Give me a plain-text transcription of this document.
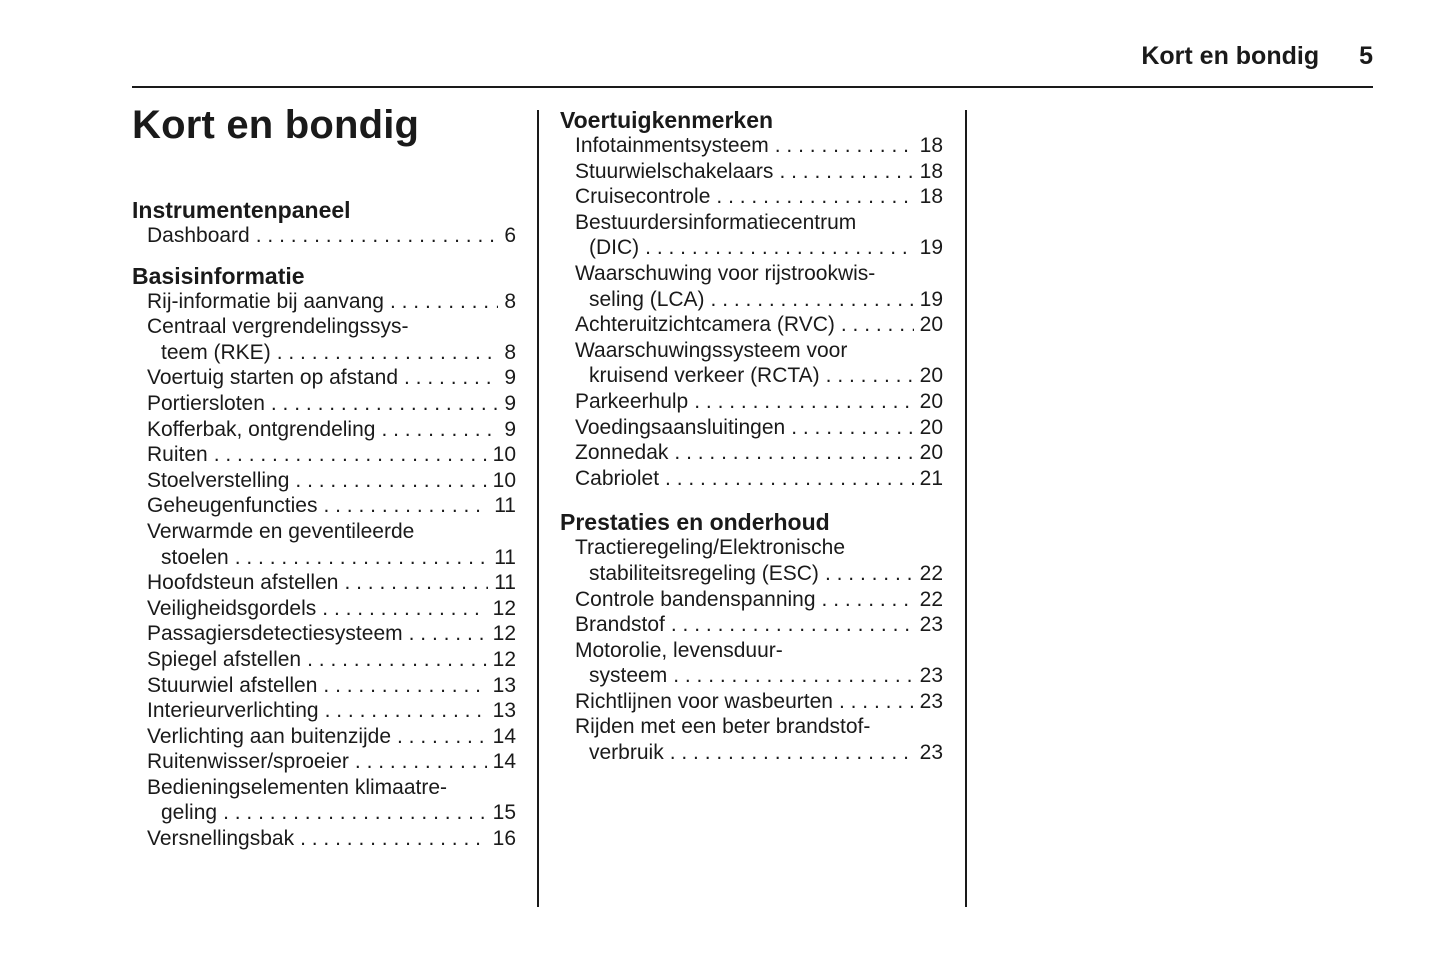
Kort en bondig 5
Kort en bondig
Instrumentenpaneel
Dashboard . . .	6
Basisinformatie
Rij-informatie bij aanvang . . .	8
Centraal vergrendelingssys-
teem (RKE) . . .	8
Voertuig starten op afstand . . .	9
Portiersloten . . .	9
Kofferbak, ontgrendeling . . .	9
Ruiten . . .	10
Stoelverstelling . . .	10
Geheugenfuncties . . .	11
Verwarmde en geventileerde
stoelen . . .	11
Hoofdsteun afstellen . . .	11
Veiligheidsgordels . . .	12
Passagiersdetectiesysteem . . .	12
Spiegel afstellen . . .	12
Stuurwiel afstellen . . .	13
Interieurverlichting . . .	13
Verlichting aan buitenzijde . . .	14
Ruitenwisser/sproeier . . .	14
Bedieningselementen klimaatre-
geling . . .	15
Versnellingsbak . . .	16
Voertuigkenmerken
Infotainmentsysteem . . .	18
Stuurwielschakelaars . . .	18
Cruisecontrole . . .	18
Bestuurdersinformatiecentrum
(DIC) . . .	19
Waarschuwing voor rijstrookwis-
seling (LCA) . . .	19
Achteruitzichtcamera (RVC) . . .	20
Waarschuwingssysteem voor
kruisend verkeer (RCTA) . . .	20
Parkeerhulp . . .	20
Voedingsaansluitingen . . .	20
Zonnedak . . .	20
Cabriolet . . .	21
Prestaties en onderhoud
Tractieregeling/Elektronische
stabiliteitsregeling (ESC) . . .	22
Controle bandenspanning . . .	22
Brandstof . . .	23
Motorolie, levensduur-
systeem . . .	23
Richtlijnen voor wasbeurten . . .	23
Rijden met een beter brandstof-
verbruik . . .	23
